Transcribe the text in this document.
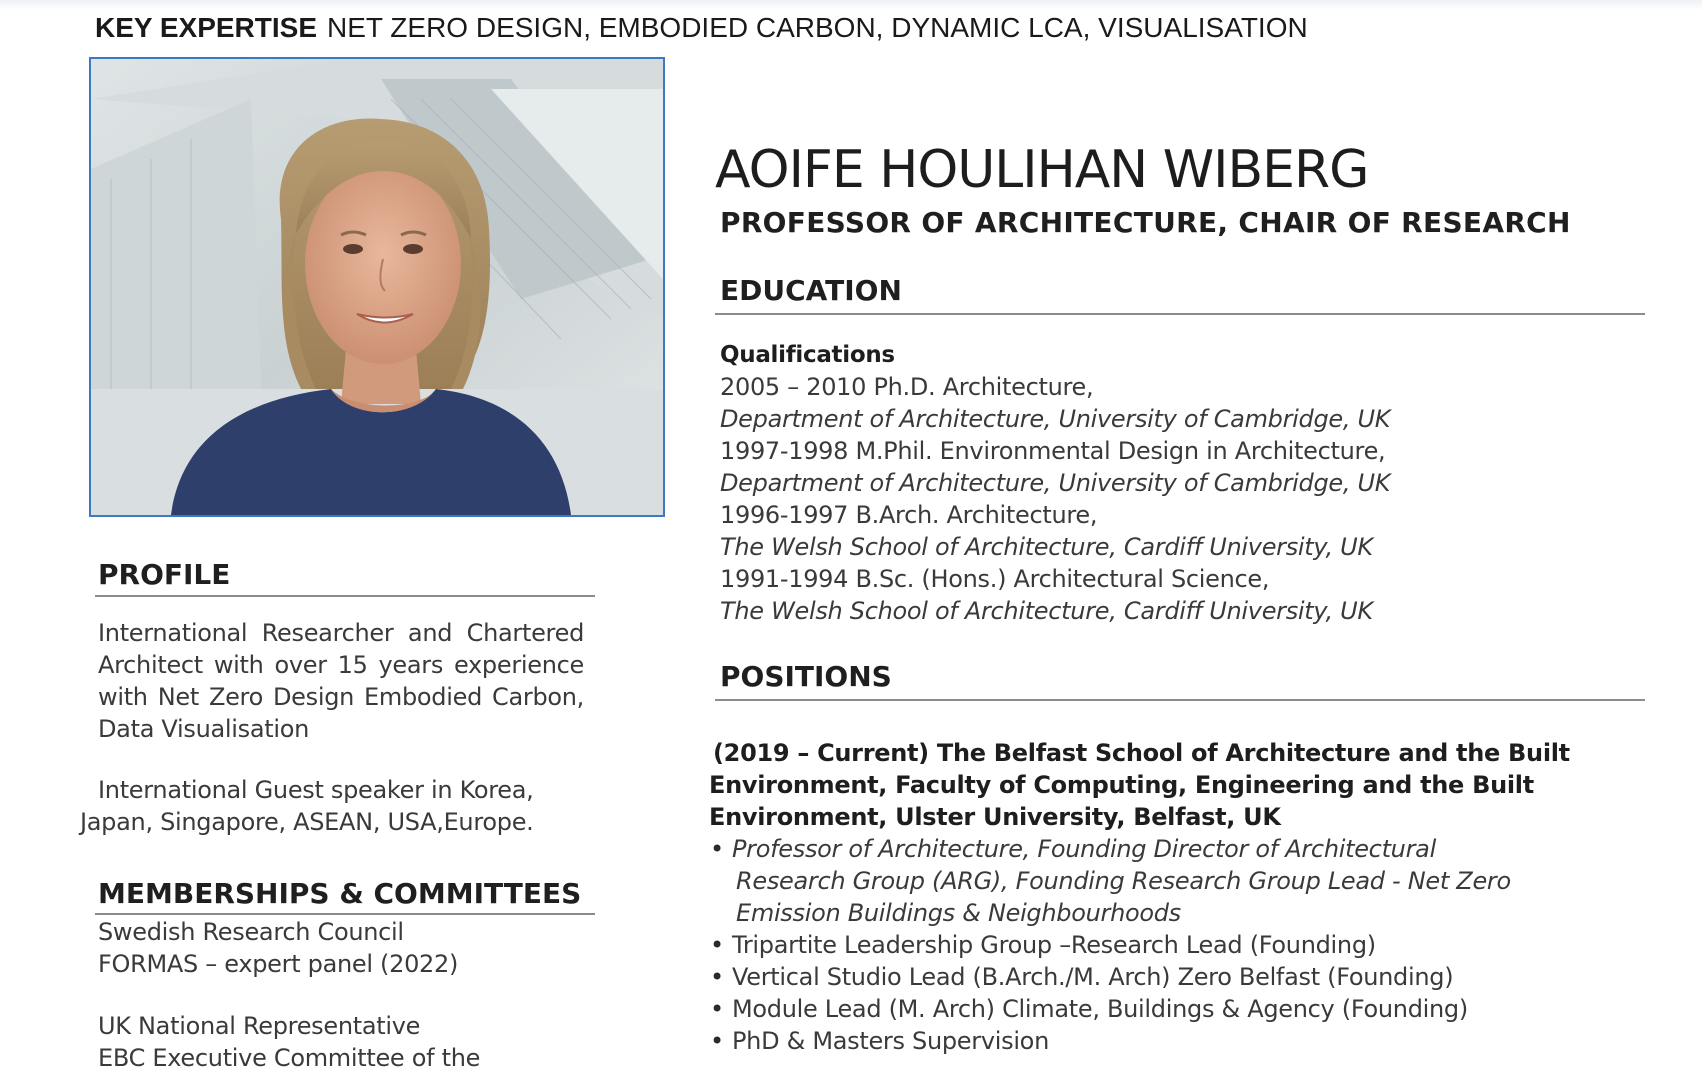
KEY EXPERTISE NET ZERO DESIGN, EMBODIED CARBON, DYNAMIC LCA, VISUALISATION
AOIFE HOULIHAN WIBERG
PROFESSOR OF ARCHITECTURE, CHAIR OF RESEARCH
EDUCATION
Qualifications
2005 – 2010 Ph.D. Architecture,
Department of Architecture, University of Cambridge, UK
1997-1998 M.Phil. Environmental Design in Architecture,
Department of Architecture, University of Cambridge, UK
1996-1997 B.Arch. Architecture,
The Welsh School of Architecture, Cardiff University, UK
1991-1994 B.Sc. (Hons.) Architectural Science,
The Welsh School of Architecture, Cardiff University, UK
POSITIONS
(2019 – Current) The Belfast School of Architecture and the Built
Environment, Faculty of Computing, Engineering and the Built
Environment, Ulster University, Belfast, UK
• Professor of Architecture, Founding Director of Architectural
Research Group (ARG), Founding Research Group Lead - Net Zero
Emission Buildings & Neighbourhoods
• Tripartite Leadership Group –Research Lead (Founding)
• Vertical Studio Lead (B.Arch./M. Arch) Zero Belfast (Founding)
• Module Lead (M. Arch) Climate, Buildings & Agency (Founding)
• PhD & Masters Supervision
PROFILE
International Researcher and Chartered Architect with over 15 years experience with Net Zero Design Embodied Carbon, Data Visualisation
International Guest speaker in Korea,
Japan, Singapore, ASEAN, USA,Europe.
MEMBERSHIPS & COMMITTEES
Swedish Research Council
FORMAS – expert panel (2022)
UK National Representative
EBC Executive Committee of the
